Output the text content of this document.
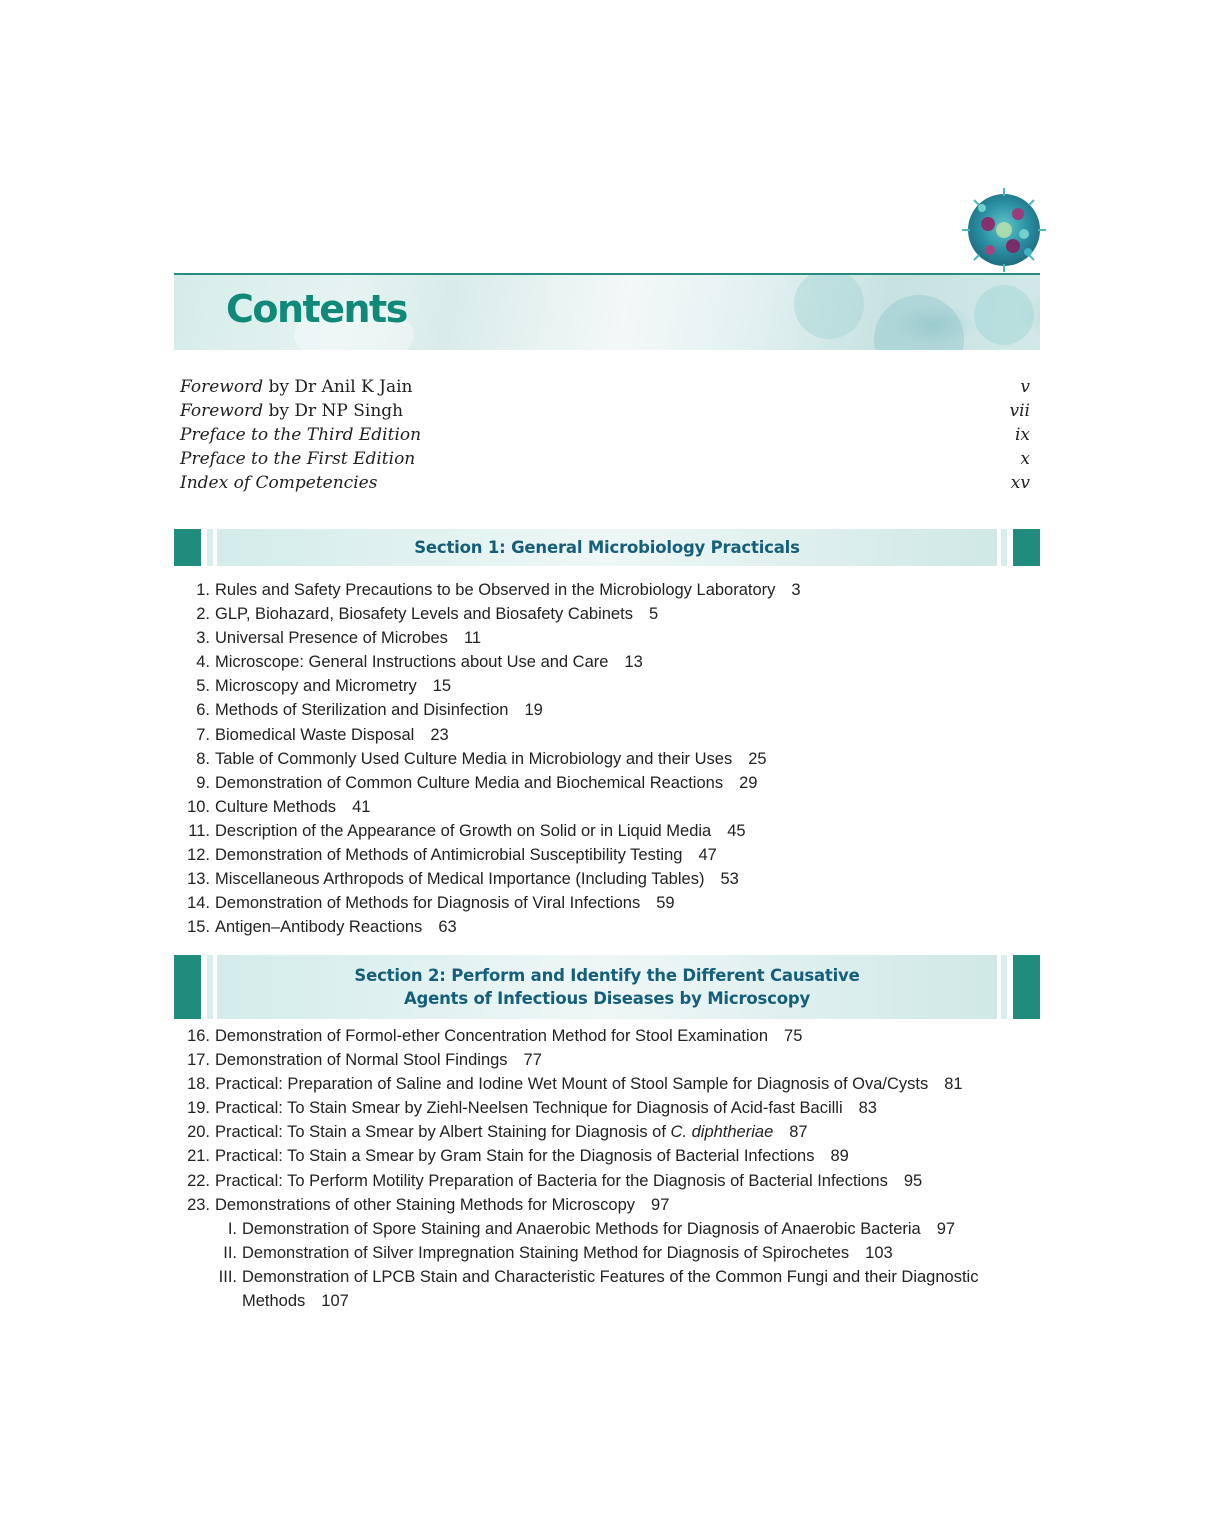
Contents
Foreword by Dr Anil K Jain	v
Foreword by Dr NP Singh	vii
Preface to the Third Edition	ix
Preface to the First Edition	x
Index of Competencies	xv
Section 1: General Microbiology Practicals
1. Rules and Safety Precautions to be Observed in the Microbiology Laboratory 3
2. GLP, Biohazard, Biosafety Levels and Biosafety Cabinets 5
3. Universal Presence of Microbes 11
4. Microscope: General Instructions about Use and Care 13
5. Microscopy and Micrometry 15
6. Methods of Sterilization and Disinfection 19
7. Biomedical Waste Disposal 23
8. Table of Commonly Used Culture Media in Microbiology and their Uses 25
9. Demonstration of Common Culture Media and Biochemical Reactions 29
10. Culture Methods 41
11. Description of the Appearance of Growth on Solid or in Liquid Media 45
12. Demonstration of Methods of Antimicrobial Susceptibility Testing 47
13. Miscellaneous Arthropods of Medical Importance (Including Tables) 53
14. Demonstration of Methods for Diagnosis of Viral Infections 59
15. Antigen–Antibody Reactions 63
Section 2: Perform and Identify the Different Causative
Agents of Infectious Diseases by Microscopy
16. Demonstration of Formol-ether Concentration Method for Stool Examination 75
17. Demonstration of Normal Stool Findings 77
18. Practical: Preparation of Saline and Iodine Wet Mount of Stool Sample for Diagnosis of Ova/Cysts 81
19. Practical: To Stain Smear by Ziehl-Neelsen Technique for Diagnosis of Acid-fast Bacilli 83
20. Practical: To Stain a Smear by Albert Staining for Diagnosis of C. diphtheriae 87
21. Practical: To Stain a Smear by Gram Stain for the Diagnosis of Bacterial Infections 89
22. Practical: To Perform Motility Preparation of Bacteria for the Diagnosis of Bacterial Infections 95
23. Demonstrations of other Staining Methods for Microscopy 97
I. Demonstration of Spore Staining and Anaerobic Methods for Diagnosis of Anaerobic Bacteria 97
II. Demonstration of Silver Impregnation Staining Method for Diagnosis of Spirochetes 103
III. Demonstration of LPCB Stain and Characteristic Features of the Common Fungi and their Diagnostic Methods 107
